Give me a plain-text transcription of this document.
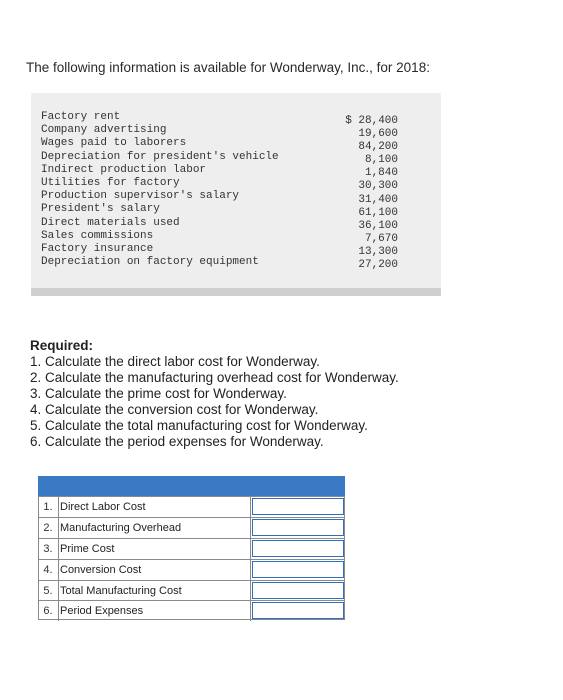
The following information is available for Wonderway, Inc., for 2018:
Factory rent
Company advertising
Wages paid to laborers
Depreciation for president's vehicle
Indirect production labor
Utilities for factory
Production supervisor's salary
President's salary
Direct materials used
Sales commissions
Factory insurance
Depreciation on factory equipment
$ 28,400
19,600
84,200
8,100
1,840
30,300
31,400
61,100
36,100
7,670
13,300
27,200
Required:
1. Calculate the direct labor cost for Wonderway.
2. Calculate the manufacturing overhead cost for Wonderway.
3. Calculate the prime cost for Wonderway.
4. Calculate the conversion cost for Wonderway.
5. Calculate the total manufacturing cost for Wonderway.
6. Calculate the period expenses for Wonderway.
1. Direct Labor Cost
2. Manufacturing Overhead
3. Prime Cost
4. Conversion Cost
5. Total Manufacturing Cost
6. Period Expenses
